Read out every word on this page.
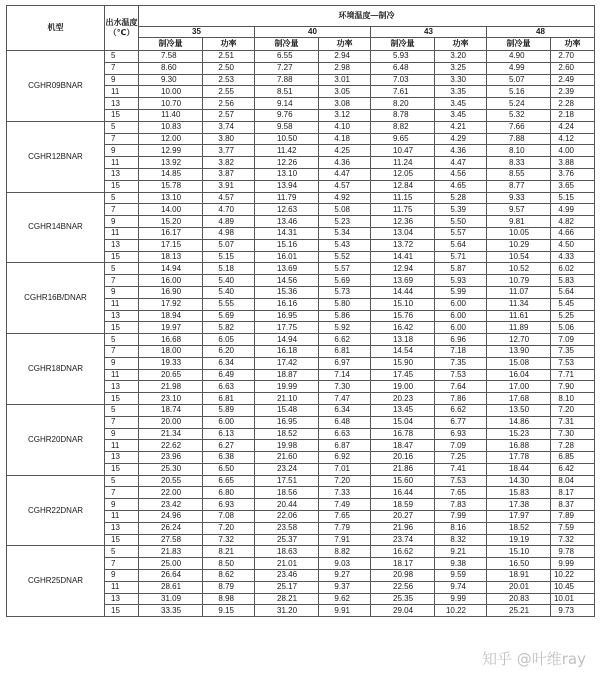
机型	出水温度
（℃）	环境温度—制冷							
		35		40		43		48	
		制冷量	功率	制冷量	功率	制冷量	功率	制冷量	功率
CGHR09BNAR	5	7.58	2.51	6.55	2.94	5.93	3.20	4.90	2.70
	7	8.60	2.50	7.27	2.98	6.48	3.25	4.99	2.60
	9	9.30	2.53	7.88	3.01	7.03	3.30	5.07	2.49
	11	10.00	2.55	8.51	3.05	7.61	3.35	5.16	2.39
	13	10.70	2.56	9.14	3.08	8.20	3.45	5.24	2.28
	15	11.40	2.57	9.76	3.12	8.78	3.45	5.32	2.18
CGHR12BNAR	5	10.83	3.74	9.58	4.10	8.82	4.21	7.66	4.24
	7	12.00	3.80	10.50	4.18	9.65	4.29	7.88	4.12
	9	12.99	3.77	11.42	4.25	10.47	4.36	8.10	4.00
	11	13.92	3.82	12.26	4.36	11.24	4.47	8.33	3.88
	13	14.85	3.87	13.10	4.47	12.05	4.56	8.55	3.76
	15	15.78	3.91	13.94	4.57	12.84	4.65	8.77	3.65
CGHR14BNAR	5	13.10	4.57	11.79	4.92	11.15	5.28	9.33	5.15
	7	14.00	4.70	12.63	5.08	11.75	5.39	9.57	4.99
	9	15.20	4.89	13.46	5.23	12.36	5.50	9.81	4.82
	11	16.17	4.98	14.31	5.34	13.04	5.57	10.05	4.66
	13	17.15	5.07	15.16	5.43	13.72	5.64	10.29	4.50
	15	18.13	5.15	16.01	5.52	14.41	5.71	10.54	4.33
CGHR16B/DNAR	5	14.94	5.18	13.69	5.57	12.94	5.87	10.52	6.02
	7	16.00	5.40	14.56	5.69	13.69	5.93	10.79	5.83
	9	16.90	5.40	15.36	5.73	14.44	5.99	11.07	5.64
	11	17.92	5.55	16.16	5.80	15.10	6.00	11.34	5.45
	13	18.94	5.69	16.95	5.86	15.76	6.00	11.61	5.25
	15	19.97	5.82	17.75	5.92	16.42	6.00	11.89	5.06
CGHR18DNAR	5	16.68	6.05	14.94	6.62	13.18	6.96	12.70	7.09
	7	18.00	6.20	16.18	6.81	14.54	7.18	13.90	7.35
	9	19.33	6.34	17.42	6.97	15.90	7.35	15.08	7.53
	11	20.65	6.49	18.87	7.14	17.45	7.53	16.04	7.71
	13	21.98	6.63	19.99	7.30	19.00	7.64	17.00	7.90
	15	23.10	6.81	21.10	7.47	20.23	7.86	17.68	8.10
CGHR20DNAR	5	18.74	5.89	15.48	6.34	13.45	6.62	13.50	7.20
	7	20.00	6.00	16.95	6.48	15.04	6.77	14.86	7.31
	9	21.34	6.13	18.52	6.63	16.78	6.93	15.23	7.30
	11	22.62	6.27	19.98	6.87	18.47	7.09	16.88	7.28
	13	23.96	6.38	21.60	6.92	20.16	7.25	17.78	6.85
	15	25.30	6.50	23.24	7.01	21.86	7.41	18.44	6.42
CGHR22DNAR	5	20.55	6.65	17.51	7.20	15.60	7.53	14.30	8.04
	7	22.00	6.80	18.56	7.33	16.44	7.65	15.83	8.17
	9	23.42	6.93	20.44	7.49	18.59	7.83	17.38	8.37
	11	24.96	7.08	22.06	7.65	20.27	7.99	17.97	7.89
	13	26.24	7.20	23.58	7.79	21.96	8.16	18.52	7.59
	15	27.58	7.32	25.37	7.91	23.74	8.32	19.19	7.32
CGHR25DNAR	5	21.83	8.21	18.63	8.82	16.62	9.21	15.10	9.78
	7	25.00	8.50	21.01	9.03	18.17	9.38	16.50	9.99
	9	26.64	8.62	23.46	9.27	20.98	9.59	18.91	10.22
	11	28.61	8.79	25.17	9.37	22.56	9.74	20.01	10.45
	13	31.09	8.98	28.21	9.62	25.35	9.99	20.83	10.01
	15	33.35	9.15	31.20	9.91	29.04	10.22	25.21	9.73
知乎 @叶维ray
